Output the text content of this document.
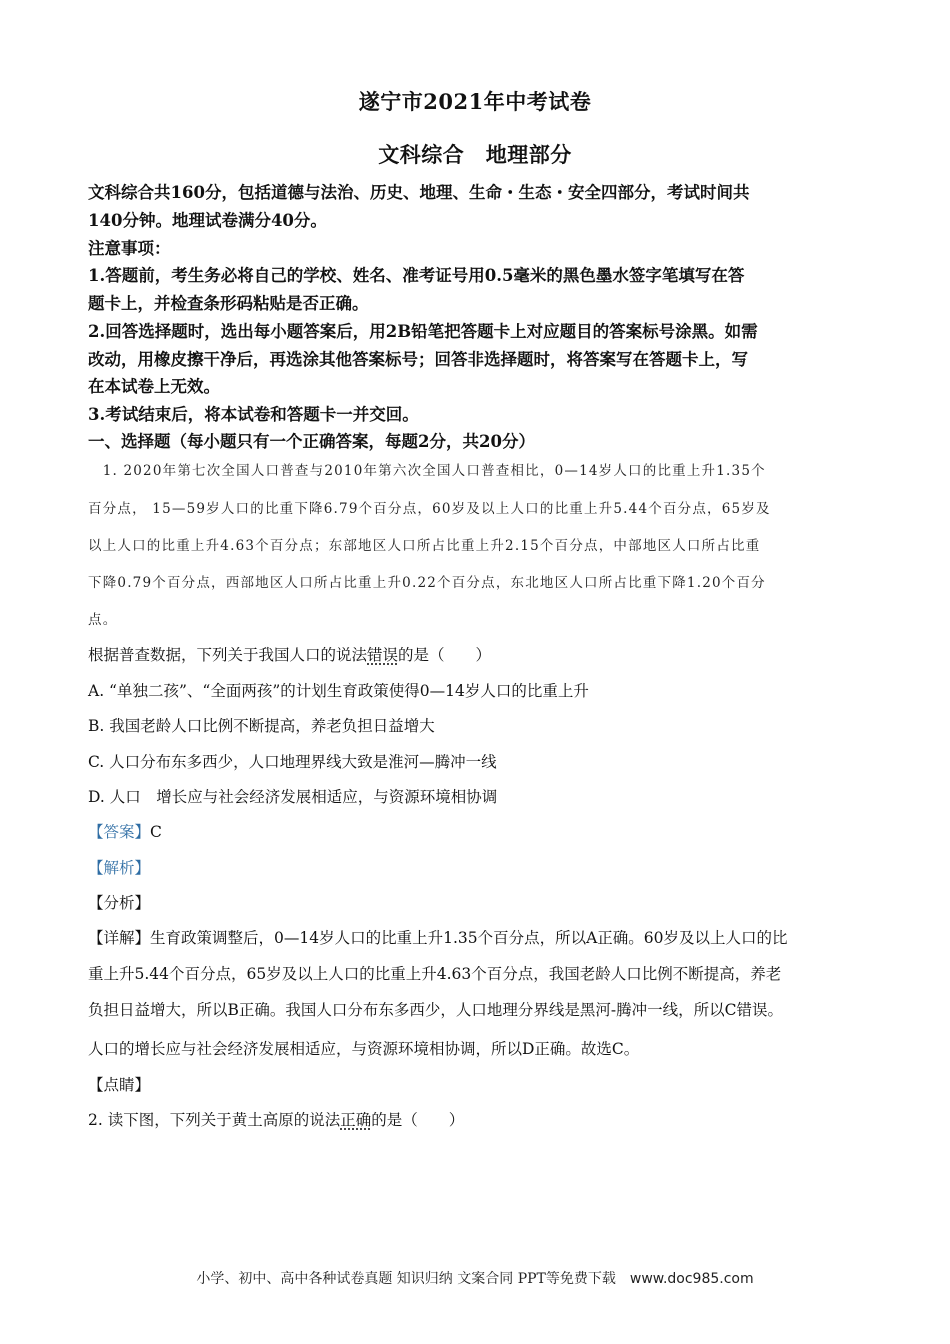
遂宁市2021年中考试卷
文科综合　地理部分
文科综合共160分，包括道德与法治、历史、地理、生命・生态・安全四部分，考试时间共
140分钟。地理试卷满分40分。
注意事项：
1.答题前，考生务必将自己的学校、姓名、准考证号用0.5毫米的黑色墨水签字笔填写在答
题卡上，并检查条形码粘贴是否正确。
2.回答选择题时，选出每小题答案后，用2B铅笔把答题卡上对应题目的答案标号涂黑。如需
改动，用橡皮擦干净后，再选涂其他答案标号；回答非选择题时，将答案写在答题卡上，写
在本试卷上无效。
3.考试结束后，将本试卷和答题卡一并交回。
一、选择题（每小题只有一个正确答案，每题2分，共20分）
　1. 2020年第七次全国人口普查与2010年第六次全国人口普查相比，0—14岁人口的比重上升1.35个
百分点， 15—59岁人口的比重下降6.79个百分点，60岁及以上人口的比重上升5.44个百分点，65岁及
以上人口的比重上升4.63个百分点；东部地区人口所占比重上升2.15个百分点，中部地区人口所占比重
下降0.79个百分点，西部地区人口所占比重上升0.22个百分点，东北地区人口所占比重下降1.20个百分
点。
根据普查数据，下列关于我国人口的说法错误的是（　　）
A. “单独二孩”、“全面两孩”的计划生育政策使得0—14岁人口的比重上升
B. 我国老龄人口比例不断提高，养老负担日益增大
C. 人口分布东多西少，人口地理界线大致是淮河—腾冲一线
D. 人口　增长应与社会经济发展相适应，与资源环境相协调
【答案】C
【解析】
【分析】
【详解】生育政策调整后，0—14岁人口的比重上升1.35个百分点，所以A正确。60岁及以上人口的比
重上升5.44个百分点，65岁及以上人口的比重上升4.63个百分点，我国老龄人口比例不断提高，养老
负担日益增大，所以B正确。我国人口分布东多西少，人口地理分界线是黑河-腾冲一线，所以C错误。
人口的增长应与社会经济发展相适应，与资源环境相协调，所以D正确。故选C。
【点睛】
2. 读下图，下列关于黄土高原的说法正确的是（　　）
小学、初中、高中各种试卷真题 知识归纳 文案合同 PPT等免费下载 www.doc985.com
